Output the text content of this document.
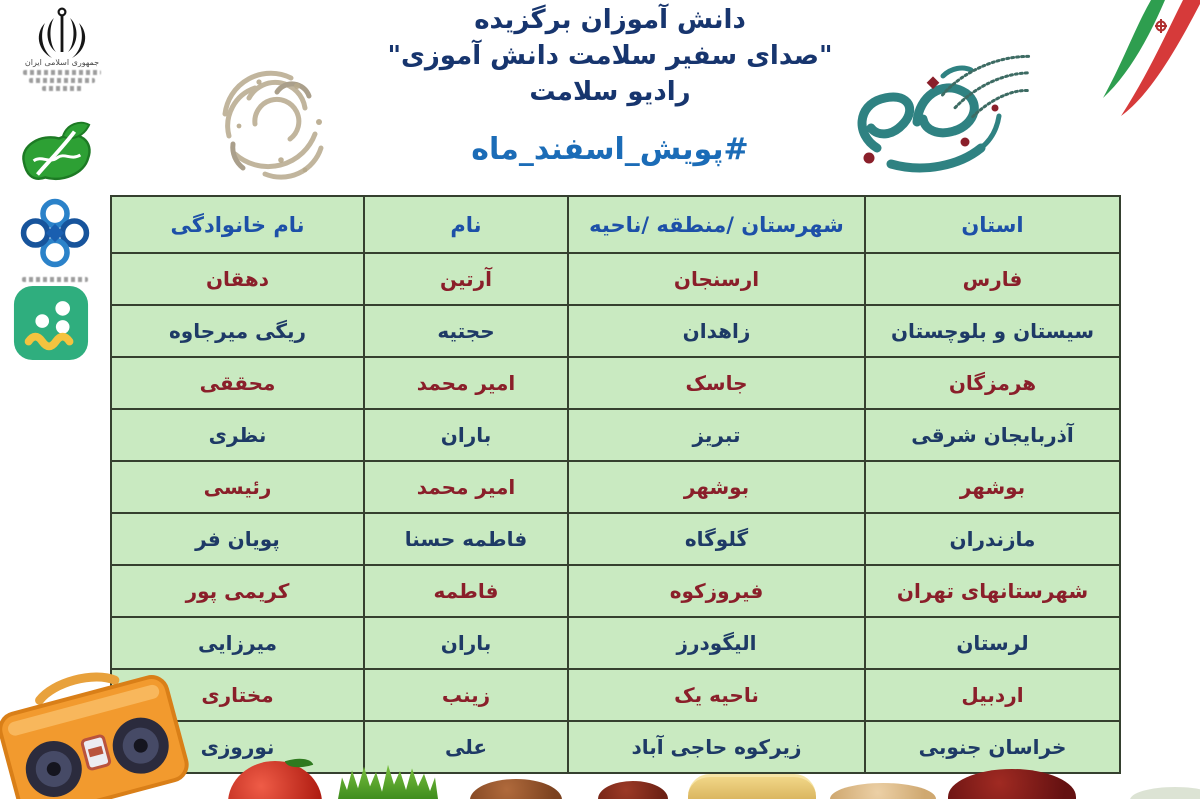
دانش آموزان برگزیده
"صدای سفیر سلامت دانش آموزی"
رادیو سلامت
#پویش_اسفند_ماه
جمهوری اسلامی ایران
استان	شهرستان /منطقه /ناحیه	نام	نام خانوادگی
فارس	ارسنجان	آرتین	دهقان
سیستان و بلوچستان	زاهدان	حجتیه	ریگی میرجاوه
هرمزگان	جاسک	امیر محمد	محققی
آذربایجان شرقی	تبریز	باران	نظری
بوشهر	بوشهر	امیر محمد	رئیسی
مازندران	گلوگاه	فاطمه حسنا	پویان فر
شهرستانهای تهران	فیروزکوه	فاطمه	کریمی پور
لرستان	الیگودرز	باران	میرزایی
اردبیل	ناحیه یک	زینب	مختاری
خراسان جنوبی	زیرکوه حاجی آباد	علی	نوروزی
